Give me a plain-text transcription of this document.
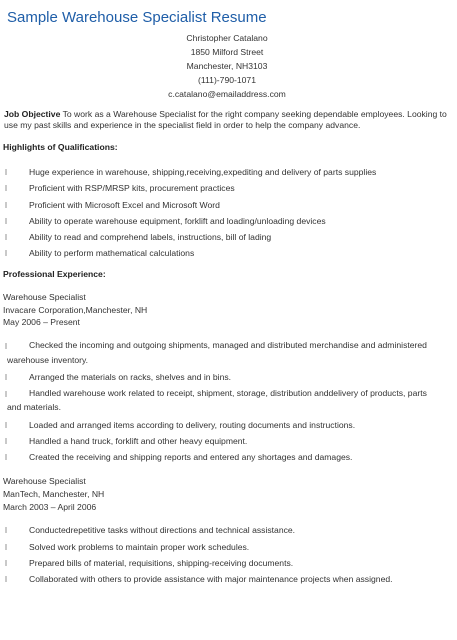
Sample Warehouse Specialist Resume
Christopher Catalano
1850 Milford Street
Manchester, NH3103
(111)-790-1071
c.catalano@emailaddress.com

Job Objective To work as a Warehouse Specialist for the right company seeking dependable employees. Looking to use my past skills and experience in the specialist field in order to help the company advance.

Highlights of Qualifications:

Huge experience in warehouse, shipping,receiving,expediting and delivery of parts supplies
Proficient with RSP/MRSP kits, procurement practices
Proficient with Microsoft Excel and Microsoft Word
Ability to operate warehouse equipment, forklift and loading/unloading devices
Ability to read and comprehend labels, instructions, bill of lading
Ability to perform mathematical calculations

Professional Experience:

Warehouse Specialist
Invacare Corporation,Manchester, NH
May 2006 – Present
Checked the incoming and outgoing shipments, managed and distributed merchandise and administered
warehouse inventory.
Arranged the materials on racks, shelves and in bins.
Handled warehouse work related to receipt, shipment, storage, distribution anddelivery of products, parts
and materials.
Loaded and arranged items according to delivery, routing documents and instructions.
Handled a hand truck, forklift and other heavy equipment.
Created the receiving and shipping reports and entered any shortages and damages.
Warehouse Specialist
ManTech, Manchester, NH
March 2003 – April 2006
Conductedrepetitive tasks without directions and technical assistance.
Solved work problems to maintain proper work schedules.
Prepared bills of material, requisitions, shipping-receiving documents.
Collaborated with others to provide assistance with major maintenance projects when assigned.
